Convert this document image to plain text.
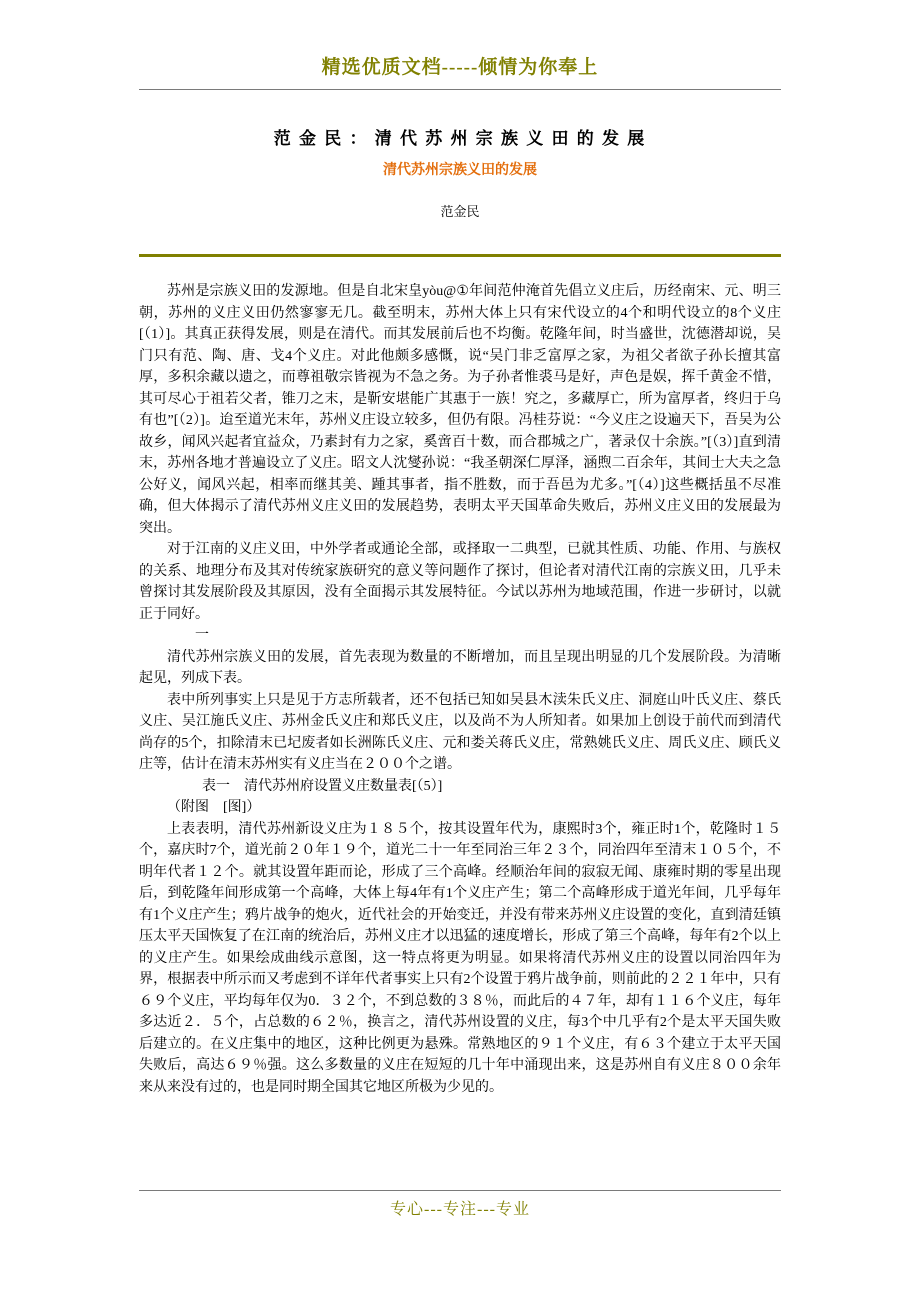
精选优质文档-----倾情为你奉上
范 金 民 ： 清 代 苏 州 宗 族 义 田 的 发 展
清代苏州宗族义田的发展
范金民

苏州是宗族义田的发源地。但是自北宋皇yòu@①年间范仲淹首先倡立义庄后，历经南宋、元、明三朝，苏州的义庄义田仍然寥寥无几。截至明末，苏州大体上只有宋代设立的4个和明代设立的8个义庄[（1）]。其真正获得发展，则是在清代。而其发展前后也不均衡。乾隆年间，时当盛世，沈德潜却说，吴门只有范、陶、唐、戈4个义庄。对此他颇多感慨，说“吴门非乏富厚之家，为祖父者欲子孙长擅其富厚，多积余藏以遗之，而尊祖敬宗皆视为不急之务。为子孙者惟裘马是好，声色是娱，挥千黄金不惜，其可尽心于祖若父者，锥刀之末，是靳安堪能广其惠于一族！究之，多藏厚亡，所为富厚者，终归于乌有也”[（2）]。迨至道光末年，苏州义庄设立较多，但仍有限。冯桂芬说：“今义庄之设遍天下，吾吴为公故乡，闻风兴起者宜益众，乃素封有力之家，奚啻百十数，而合郡城之广，著录仅十余族。”[（3）]直到清末，苏州各地才普遍设立了义庄。昭文人沈燮孙说：“我圣朝深仁厚泽，涵煦二百余年，其间士大夫之急公好义，闻风兴起，相率而继其美、踵其事者，指不胜数，而于吾邑为尤多。”[（4）]这些概括虽不尽准确，但大体揭示了清代苏州义庄义田的发展趋势，表明太平天国革命失败后，苏州义庄义田的发展最为突出。

对于江南的义庄义田，中外学者或通论全部，或择取一二典型，已就其性质、功能、作用、与族权的关系、地理分布及其对传统家族研究的意义等问题作了探讨，但论者对清代江南的宗族义田，几乎未曾探讨其发展阶段及其原因，没有全面揭示其发展特征。今试以苏州为地域范围，作进一步研讨，以就正于同好。

一

清代苏州宗族义田的发展，首先表现为数量的不断增加，而且呈现出明显的几个发展阶段。为清晰起见，列成下表。

表中所列事实上只是见于方志所载者，还不包括已知如吴县木渎朱氏义庄、洞庭山叶氏义庄、蔡氏义庄、吴江施氏义庄、苏州金氏义庄和郑氏义庄，以及尚不为人所知者。如果加上创设于前代而到清代尚存的5个，扣除清末已圮废者如长洲陈氏义庄、元和娄关蒋氏义庄，常熟姚氏义庄、周氏义庄、顾氏义庄等，估计在清末苏州实有义庄当在２００个之谱。

表一　清代苏州府设置义庄数量表[（5）]

（附图　[图]）

上表表明，清代苏州新设义庄为１８５个，按其设置年代为，康熙时3个，雍正时1个，乾隆时１５个，嘉庆时7个，道光前２０年１９个，道光二十一年至同治三年２３个，同治四年至清末１０５个，不明年代者１２个。就其设置年距而论，形成了三个高峰。经顺治年间的寂寂无闻、康雍时期的零星出现后，到乾隆年间形成第一个高峰，大体上每4年有1个义庄产生；第二个高峰形成于道光年间，几乎每年有1个义庄产生；鸦片战争的炮火，近代社会的开始变迁，并没有带来苏州义庄设置的变化，直到清廷镇压太平天国恢复了在江南的统治后，苏州义庄才以迅猛的速度增长，形成了第三个高峰，每年有2个以上的义庄产生。如果绘成曲线示意图，这一特点将更为明显。如果将清代苏州义庄的设置以同治四年为界，根据表中所示而又考虑到不详年代者事实上只有2个设置于鸦片战争前，则前此的２２１年中，只有６９个义庄，平均每年仅为0．３２个，不到总数的３８％，而此后的４７年，却有１１６个义庄，每年多达近２．５个，占总数的６２％，换言之，清代苏州设置的义庄，每3个中几乎有2个是太平天国失败后建立的。在义庄集中的地区，这种比例更为悬殊。常熟地区的９１个义庄，有６３个建立于太平天国失败后，高达６９％强。这么多数量的义庄在短短的几十年中涌现出来，这是苏州自有义庄８００余年来从来没有过的，也是同时期全国其它地区所极为少见的。

专心---专注---专业
